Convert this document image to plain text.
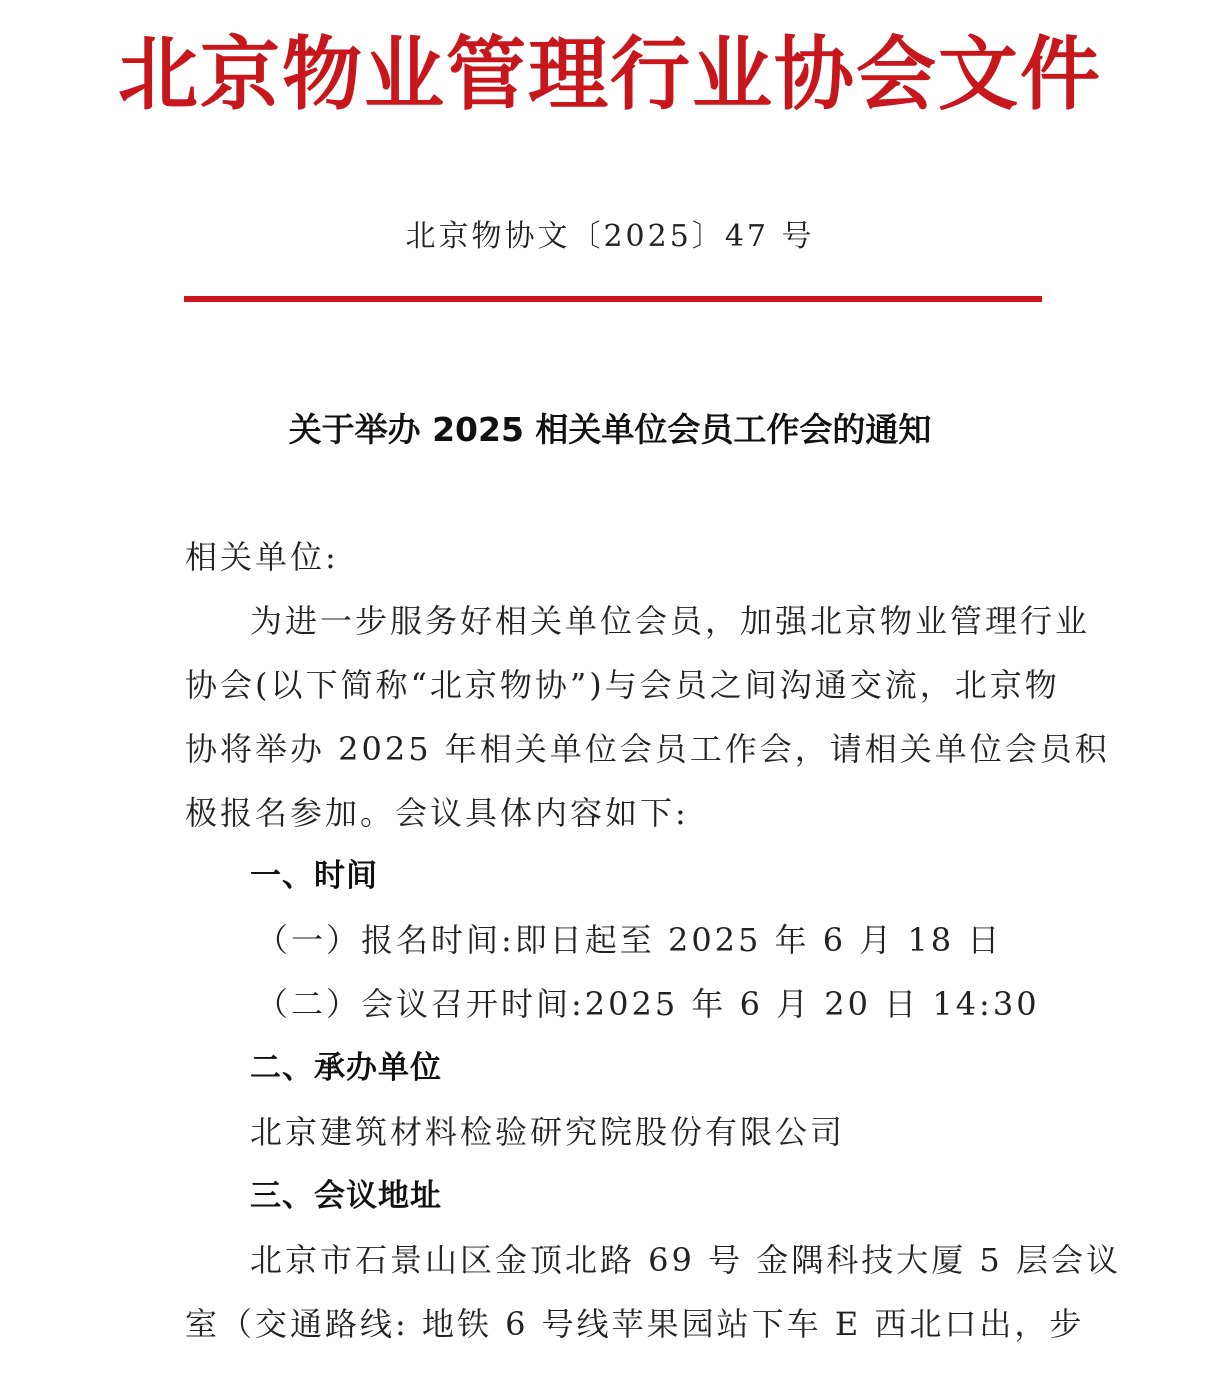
北京物业管理行业协会文件
北京物协文〔2025〕47 号
关于举办 2025 相关单位会员工作会的通知
相关单位:
为进一步服务好相关单位会员，加强北京物业管理行业
协会(以下简称“北京物协”)与会员之间沟通交流，北京物
协将举办 2025 年相关单位会员工作会，请相关单位会员积
极报名参加。会议具体内容如下:
一、时间
（一）报名时间:即日起至 2025 年 6 月 18 日
（二）会议召开时间:2025 年 6 月 20 日 14:30
二、承办单位
北京建筑材料检验研究院股份有限公司
三、会议地址
北京市石景山区金顶北路 69 号 金隅科技大厦 5 层会议
室（交通路线: 地铁 6 号线苹果园站下车 E 西北口出，步
